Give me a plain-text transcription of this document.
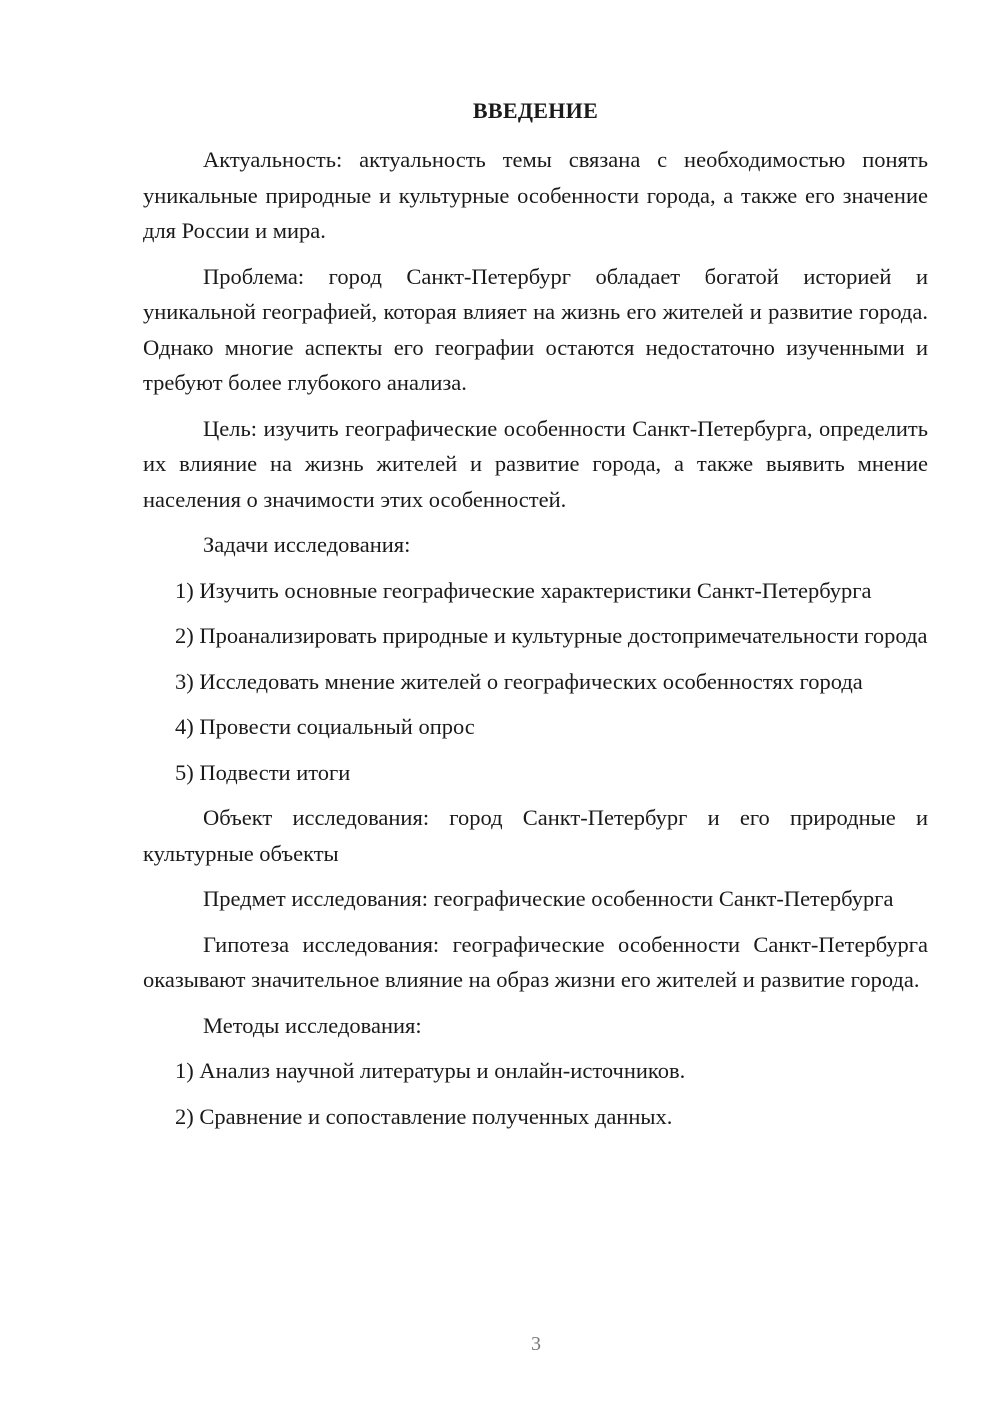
ВВЕДЕНИЕ

Актуальность: актуальность темы связана с необходимостью понять уникальные природные и культурные особенности города, а также его значение для России и мира.

Проблема: город Санкт-Петербург обладает богатой историей и уникальной географией, которая влияет на жизнь его жителей и развитие города. Однако многие аспекты его географии остаются недостаточно изученными и требуют более глубокого анализа.

Цель: изучить географические особенности Санкт-Петербурга, определить их влияние на жизнь жителей и развитие города, а также выявить мнение населения о значимости этих особенностей.

Задачи исследования:

1) Изучить основные географические характеристики Санкт-Петербурга

2) Проанализировать природные и культурные достопримечательности города

3) Исследовать мнение жителей о географических особенностях города

4) Провести социальный опрос

5) Подвести итоги

Объект исследования: город Санкт-Петербург и его природные и культурные объекты

Предмет исследования: географические особенности Санкт-Петербурга

Гипотеза исследования: географические особенности Санкт-Петербурга оказывают значительное влияние на образ жизни его жителей и развитие города.

Методы исследования:

1) Анализ научной литературы и онлайн-источников.

2) Сравнение и сопоставление полученных данных.

3
